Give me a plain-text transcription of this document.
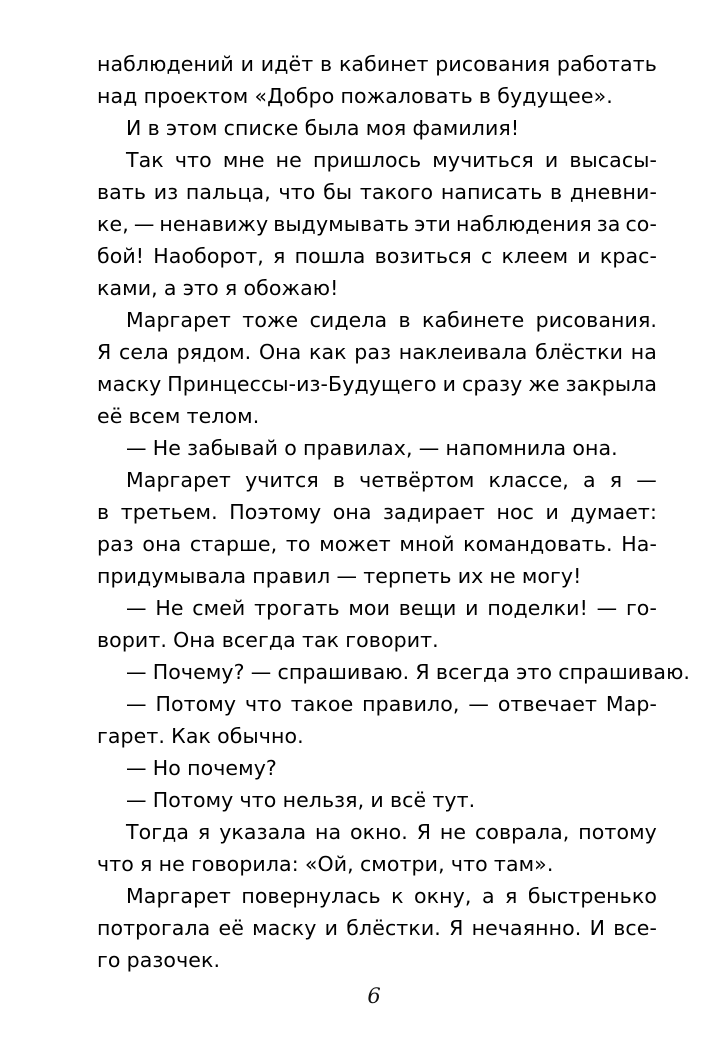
наблюдений и идёт в кабинет рисования работать
над проектом «Добро пожаловать в будущее».
И в этом списке была моя фамилия!
Так что мне не пришлось мучиться и высасы-
вать из пальца, что бы такого написать в дневни-
ке, — ненавижу выдумывать эти наблюдения за со-
бой! Наоборот, я пошла возиться с клеем и крас-
ками, а это я обожаю!
Маргарет тоже сидела в кабинете рисования.
Я села рядом. Она как раз наклеивала блёстки на
маску Принцессы-из-Будущего и сразу же закрыла
её всем телом.
— Не забывай о правилах, — напомнила она.
Маргарет учится в четвёртом классе, а я —
в третьем. Поэтому она задирает нос и думает:
раз она старше, то может мной командовать. На-
придумывала правил — терпеть их не могу!
— Не смей трогать мои вещи и поделки! — го-
ворит. Она всегда так говорит.
— Почему? — спрашиваю. Я всегда это спрашиваю.
— Потому что такое правило, — отвечает Мар-
гарет. Как обычно.
— Но почему?
— Потому что нельзя, и всё тут.
Тогда я указала на окно. Я не соврала, потому
что я не говорила: «Ой, смотри, что там».
Маргарет повернулась к окну, а я быстренько
потрогала её маску и блёстки. Я нечаянно. И все-
го разочек.
6
